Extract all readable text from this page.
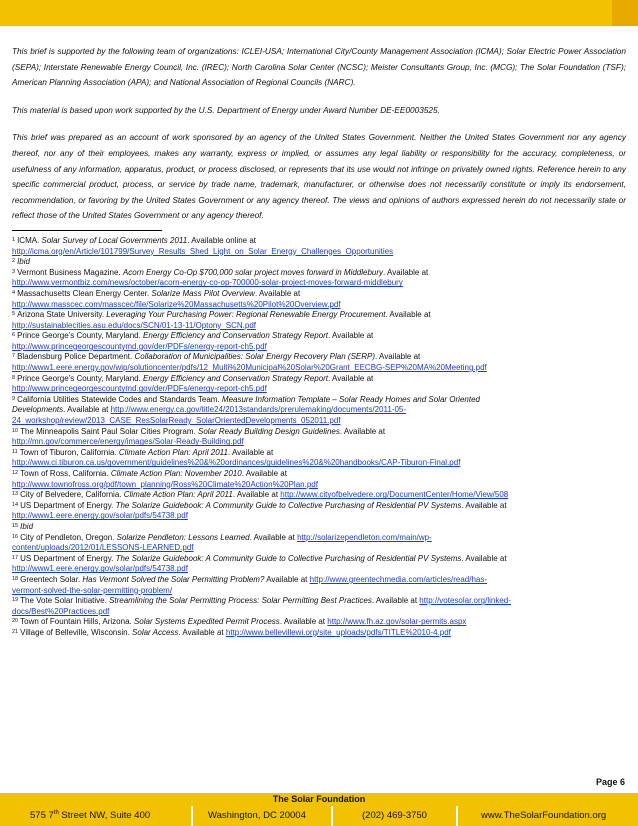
This brief is supported by the following team of organizations: ICLEI-USA; International City/County Management Association (ICMA); Solar Electric Power Association (SEPA); Interstate Renewable Energy Council, Inc. (IREC); North Carolina Solar Center (NCSC); Meister Consultants Group, Inc. (MCG); The Solar Foundation (TSF); American Planning Association (APA); and National Association of Regional Councils (NARC).

This material is based upon work supported by the U.S. Department of Energy under Award Number DE-EE0003525.

This brief was prepared as an account of work sponsored by an agency of the United States Government. Neither the United States Government nor any agency thereof, nor any of their employees, makes any warranty, express or implied, or assumes any legal liability or responsibility for the accuracy, completeness, or usefulness of any information, apparatus, product, or process disclosed, or represents that its use would not infringe on privately owned rights. Reference herein to any specific commercial product, process, or service by trade name, trademark, manufacturer, or otherwise does not necessarily constitute or imply its endorsement, recommendation, or favoring by the United States Government or any agency thereof. The views and opinions of authors expressed herein do not necessarily state or reflect those of the United States Government or any agency thereof.

$^1$ ICMA. Solar Survey of Local Governments 2011. Available online at

http://icma.org/en/Article/101799/Survey_Results_Shed_Light_on_Solar_Energy_Challenges_Opportunities

$^2$ Ibid

$^3$ Vermont Business Magazine. Acorn Energy Co-Op $700,000 solar project moves forward in Middlebury. Available at

http://www.vermontbiz.com/news/october/acorn-energy-co-op-700000-solar-project-moves-forward-middlebury

$^4$ Massachusetts Clean Energy Center. Solarize Mass Pilot Overview. Available at

http://www.masscec.com/masscec/file/Solarize%20Massachusetts%20Pilot%20Overview.pdf

$^5$ Arizona State University. Leveraging Your Purchasing Power: Regional Renewable Energy Procurement. Available at

http://sustainablecities.asu.edu/docs/SCN/01-13-11/Optony_SCN.pdf

$^6$ Prince George’s County, Maryland. Energy Efficiency and Conservation Strategy Report. Available at

http://www.princegeorgescountymd.gov/der/PDFs/energy-report-ch5.pdf

$^7$ Bladensburg Police Department. Collaboration of Municipalities: Solar Energy Recovery Plan (SERP). Available at

http://www1.eere.energy.gov/wip/solutioncenter/pdfs/12_Multi%20Municipal%20Solar%20Grant_EECBG-SEP%20MA%20Meeting.pdf

$^8$ Prince George’s County, Maryland. Energy Efficiency and Conservation Strategy Report. Available at

http://www.princegeorgescountymd.gov/der/PDFs/energy-report-ch5.pdf

$^9$ California Utilities Statewide Codes and Standards Team. Measure Information Template – Solar Ready Homes and Solar Oriented

Developments. Available at http://www.energy.ca.gov/title24/2013standards/prerulemaking/documents/2011-05-

24_workshop/review/2013_CASE_ResSolarReady_SolarOrientedDevelopments_052011.pdf

$^{10}$ The Minneapolis Saint Paul Solar Cities Program. Solar Ready Building Design Guidelines. Available at

http://mn.gov/commerce/energy/images/Solar-Ready-Building.pdf

$^{11}$ Town of Tiburon, California. Climate Action Plan: April 2011. Available at

http://www.ci.tiburon.ca.us/government/guidelines%20&%20ordinances/guidelines%20&%20handbooks/CAP-Tiburon-Final.pdf

$^{12}$ Town of Ross, California. Climate Action Plan: November 2010. Available at

http://www.townofross.org/pdf/town_planning/Ross%20Climate%20Action%20Plan.pdf

$^{13}$ City of Belvedere, California. Climate Action Plan: April 2011. Available at http://www.cityofbelvedere.org/DocumentCenter/Home/View/508

$^{14}$ US Department of Energy. The Solarize Guidebook: A Community Guide to Collective Purchasing of Residential PV Systems. Available at

http://www1.eere.energy.gov/solar/pdfs/54738.pdf

$^{15}$ Ibid

$^{16}$ City of Pendleton, Oregon. Solarize Pendleton: Lessons Learned. Available at http://solarizependleton.com/main/wp-

content/uploads/2012/01/LESSONS-LEARNED.pdf

$^{17}$ US Department of Energy. The Solarize Guidebook: A Community Guide to Collective Purchasing of Residential PV Systems. Available at

http://www1.eere.energy.gov/solar/pdfs/54738.pdf

$^{18}$ Greentech Solar. Has Vermont Solved the Solar Permitting Problem? Available at http://www.greentechmedia.com/articles/read/has-

vermont-solved-the-solar-permitting-problem/

$^{19}$ The Vote Solar Initiative. Streamlining the Solar Permitting Process: Solar Permitting Best Practices. Available at http://votesolar.org/linked-

docs/Best%20Practices.pdf

$^{20}$ Town of Fountain Hills, Arizona. Solar Systems Expedited Permit Process. Available at http://www.fh.az.gov/solar-permits.aspx

$^{21}$ Village of Belleville, Wisconsin. Solar Access. Available at http://www.bellevillewi.org/site_uploads/pdfs/TITLE%2010-4.pdf

Page 6
The Solar Foundation
575 7th Street NW, Suite 400	Washington, DC 20004	(202) 469-3750	www.TheSolarFoundation.org
